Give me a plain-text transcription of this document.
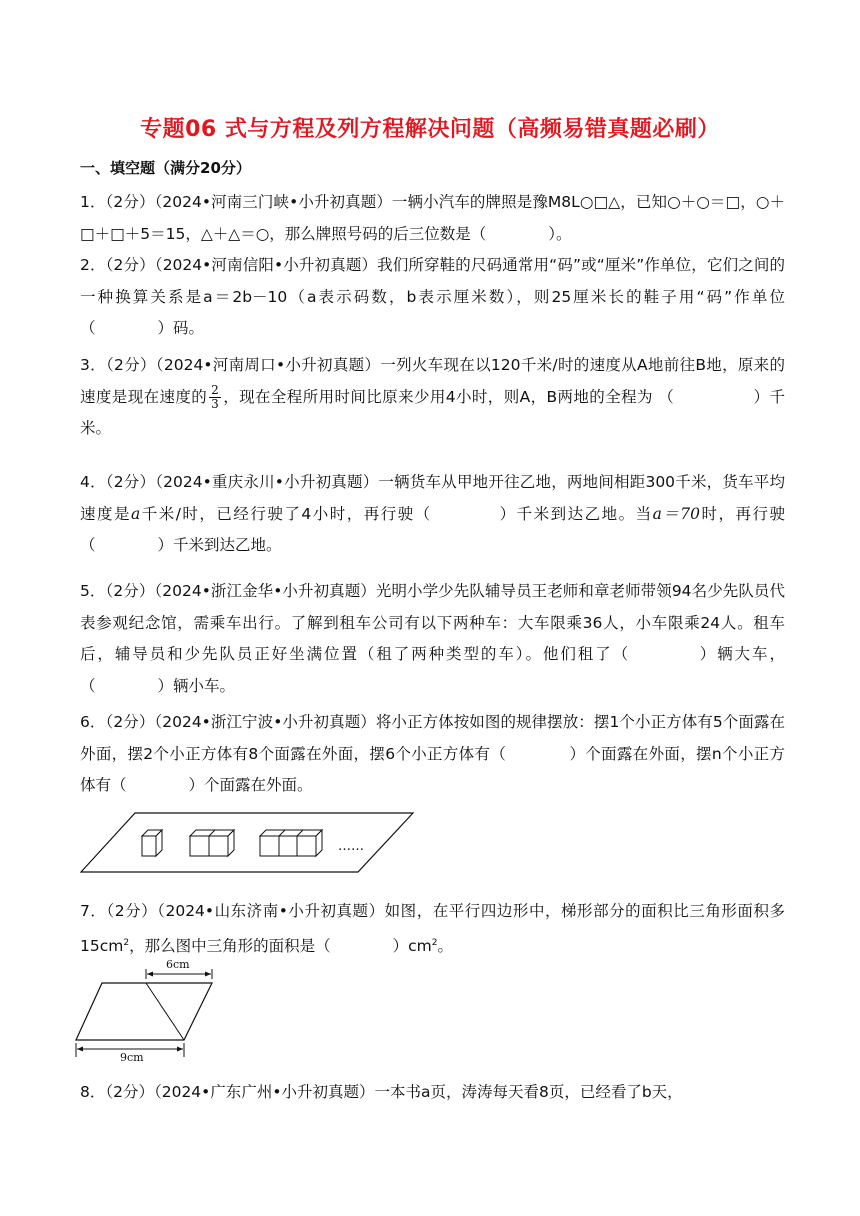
专题06 式与方程及列方程解决问题（高频易错真题必刷）
一、填空题（满分20分）

1．（2分）（2024•河南三门峡•小升初真题）一辆小汽车的牌照是豫M8L○□△，已知○＋○＝□，○＋□＋□＋5＝15，△＋△＝○，那么牌照号码的后三位数是（　　　　）。

2．（2分）（2024•河南信阳•小升初真题）我们所穿鞋的尺码通常用“码”或“厘米”作单位，它们之间的一种换算关系是a＝2b－10（a表示码数，b表示厘米数），则25厘米长的鞋子用“码”作单位（　　　　）码。

3．（2分）（2024•河南周口•小升初真题）一列火车现在以120千米/时的速度从A地前往B地，原来的速度是现在速度的 $\frac{2}{3}$ ，现在全程所用时间比原来少用4小时，则A，B两地的全程为 （　　　　　）千米。

4．（2分）（2024•重庆永川•小升初真题）一辆货车从甲地开往乙地，两地间相距300千米，货车平均速度是a千米/时，已经行驶了4小时，再行驶（　　　　）千米到达乙地。当a＝70时，再行驶（　　　　）千米到达乙地。

5．（2分）（2024•浙江金华•小升初真题）光明小学少先队辅导员王老师和章老师带领94名少先队员代表参观纪念馆，需乘车出行。了解到租车公司有以下两种车：大车限乘36人，小车限乘24人。租车后，辅导员和少先队员正好坐满位置（租了两种类型的车）。他们租了（　　　　）辆大车，（　　　　）辆小车。

6．（2分）（2024•浙江宁波•小升初真题）将小正方体按如图的规律摆放：摆1个小正方体有5个面露在外面，摆2个小正方体有8个面露在外面，摆6个小正方体有（　　　　）个面露在外面，摆n个小正方体有（　　　　）个面露在外面。

……

7．（2分）（2024•山东济南•小升初真题）如图，在平行四边形中，梯形部分的面积比三角形面积多$15cm^2$，那么图中三角形的面积是（　　　　）$cm^2$。

6cm
9cm

8．（2分）（2024•广东广州•小升初真题）一本书a页，涛涛每天看8页，已经看了b天，
